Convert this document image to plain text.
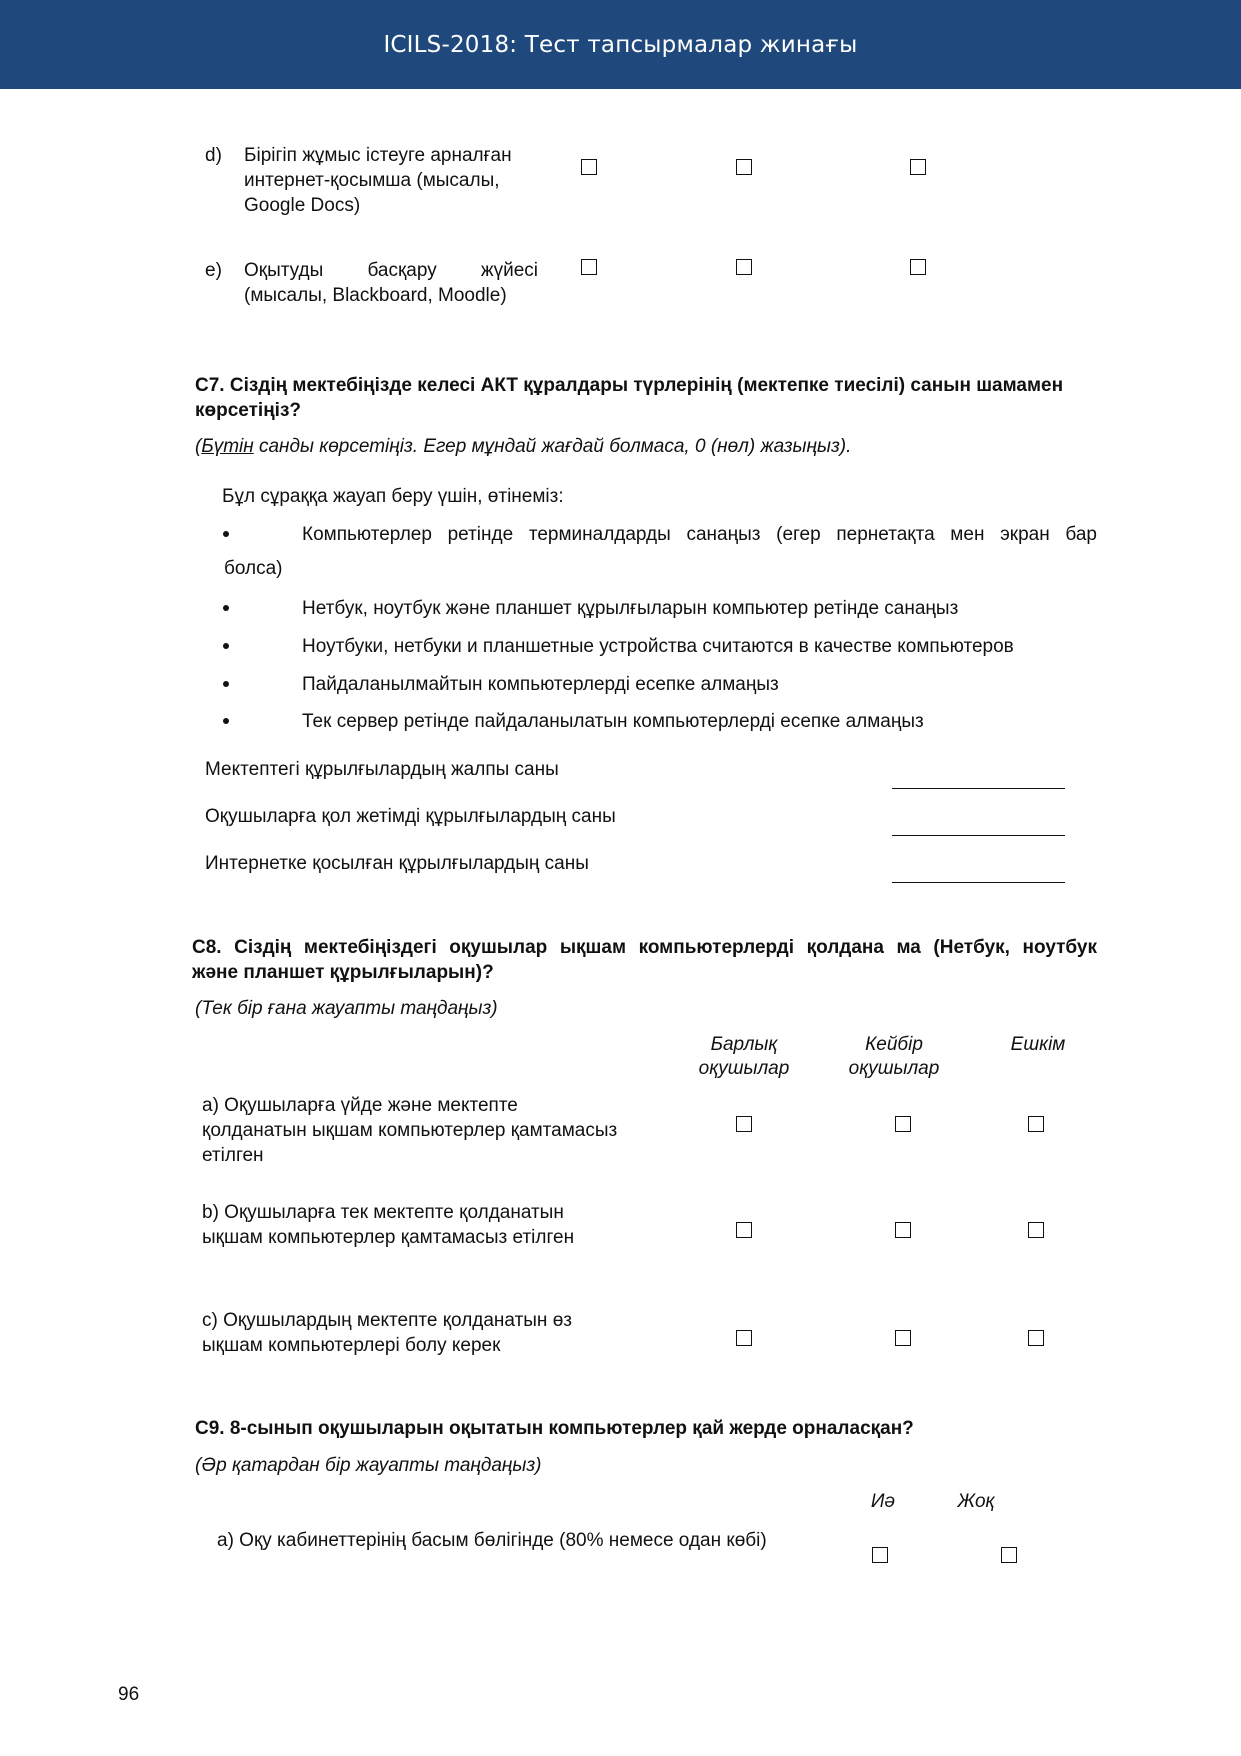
ICILS-2018: Тест тапсырмалар жинағы
d) Бірігіп жұмыс істеуге арналған
интернет-қосымша (мысалы,
Google Docs)
e) Оқытуды басқару жүйесі
(мысалы, Blackboard, Moodle)
C7. Сіздің мектебіңізде келесі АКТ құралдары түрлерінің (мектепке тиесілі) санын шамамен
көрсетіңіз?
(Бүтін санды көрсетіңіз. Егер мұндай жағдай болмаса, 0 (нөл) жазыңыз).
Бұл сұраққа жауап беру үшін, өтінеміз:
Компьютерлер ретінде терминалдарды санаңыз (егер пернетақта мен экран бар
болса)
Нетбук, ноутбук және планшет құрылғыларын компьютер ретінде санаңыз
Ноутбуки, нетбуки и планшетные устройства считаются в качестве компьютеров
Пайдаланылмайтын компьютерлерді есепке алмаңыз
Тек сервер ретінде пайдаланылатын компьютерлерді есепке алмаңыз
Мектептегі құрылғылардың жалпы саны
Оқушыларға қол жетімді құрылғылардың саны
Интернетке қосылған құрылғылардың саны
C8. Сіздің мектебіңіздегі оқушылар ықшам компьютерлерді қолдана ма (Нетбук, ноутбук
және планшет құрылғыларын)?
(Тек бір ғана жауапты таңдаңыз)
Барлық
оқушылар
Кейбір
оқушылар
Ешкім
a) Оқушыларға үйде және мектепте
қолданатын ықшам компьютерлер қамтамасыз
етілген
b) Оқушыларға тек мектепте қолданатын
ықшам компьютерлер қамтамасыз етілген
c) Оқушылардың мектепте қолданатын өз
ықшам компьютерлері болу керек
C9. 8-сынып оқушыларын оқытатын компьютерлер қай жерде орналасқан?
(Әр қатардан бір жауапты таңдаңыз)
Иә	Жоқ
a) Оқу кабинеттерінің басым бөлігінде (80% немесе одан көбі)
96
